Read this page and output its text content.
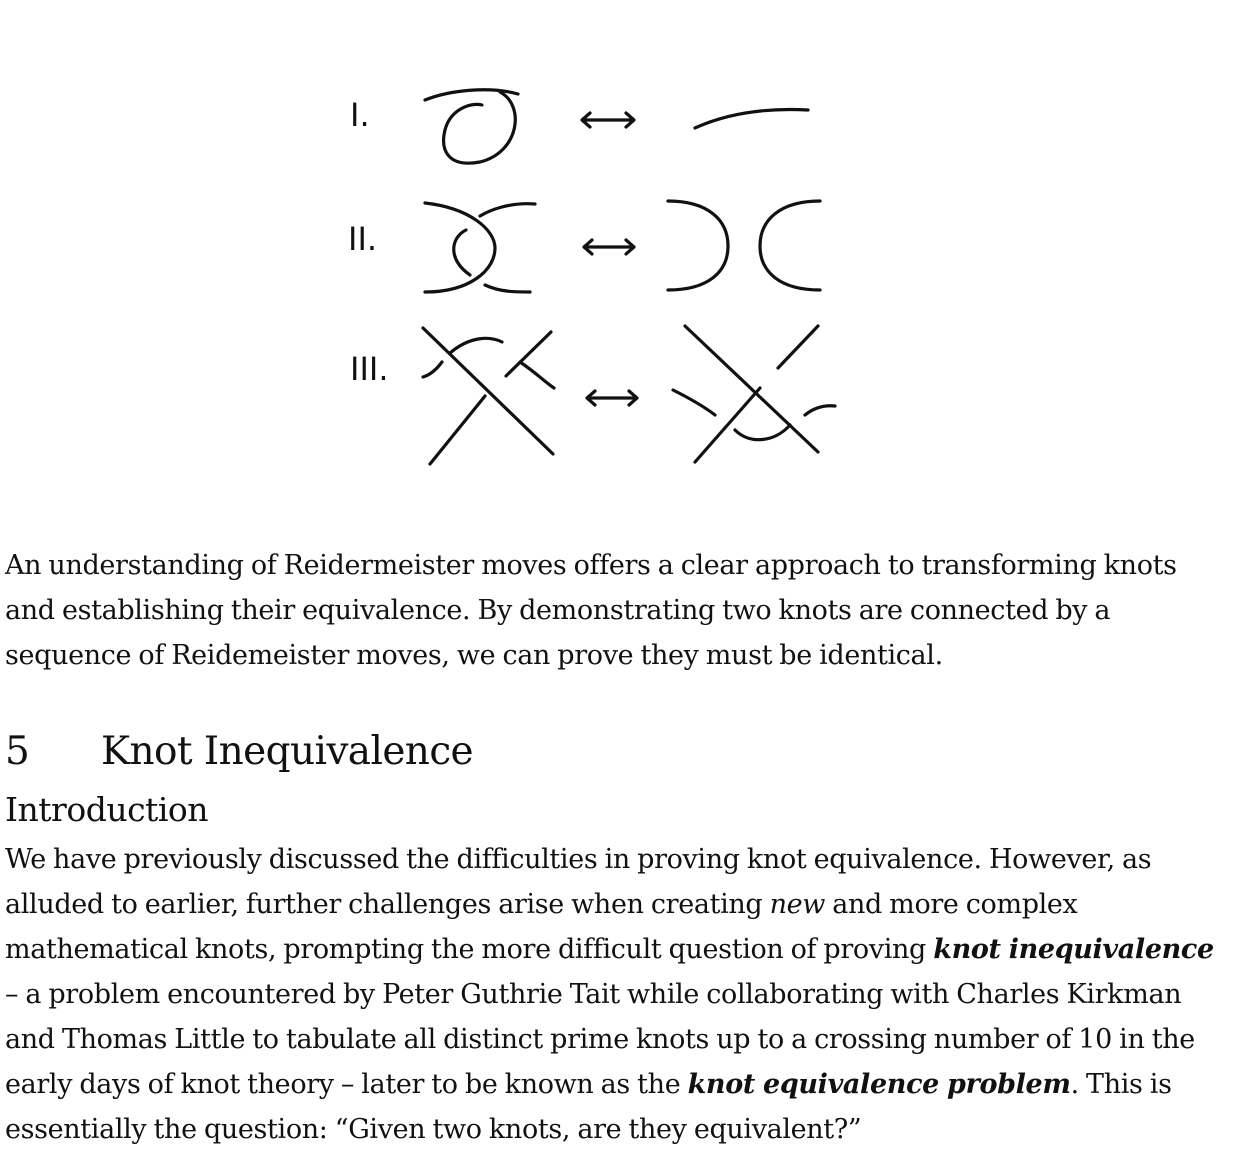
I.
II.
III.

An understanding of Reidermeister moves offers a clear approach to transforming knots and establishing their equivalence. By demonstrating two knots are connected by a sequence of Reidemeister moves, we can prove they must be identical.

5 Knot Inequivalence
Introduction

We have previously discussed the difficulties in proving knot equivalence. However, as alluded to earlier, further challenges arise when creating new and more complex mathematical knots, prompting the more difficult question of proving knot inequivalence – a problem encountered by Peter Guthrie Tait while collaborating with Charles Kirkman and Thomas Little to tabulate all distinct prime knots up to a crossing number of 10 in the early days of knot theory – later to be known as the knot equivalence problem. This is essentially the question: “Given two knots, are they equivalent?”
